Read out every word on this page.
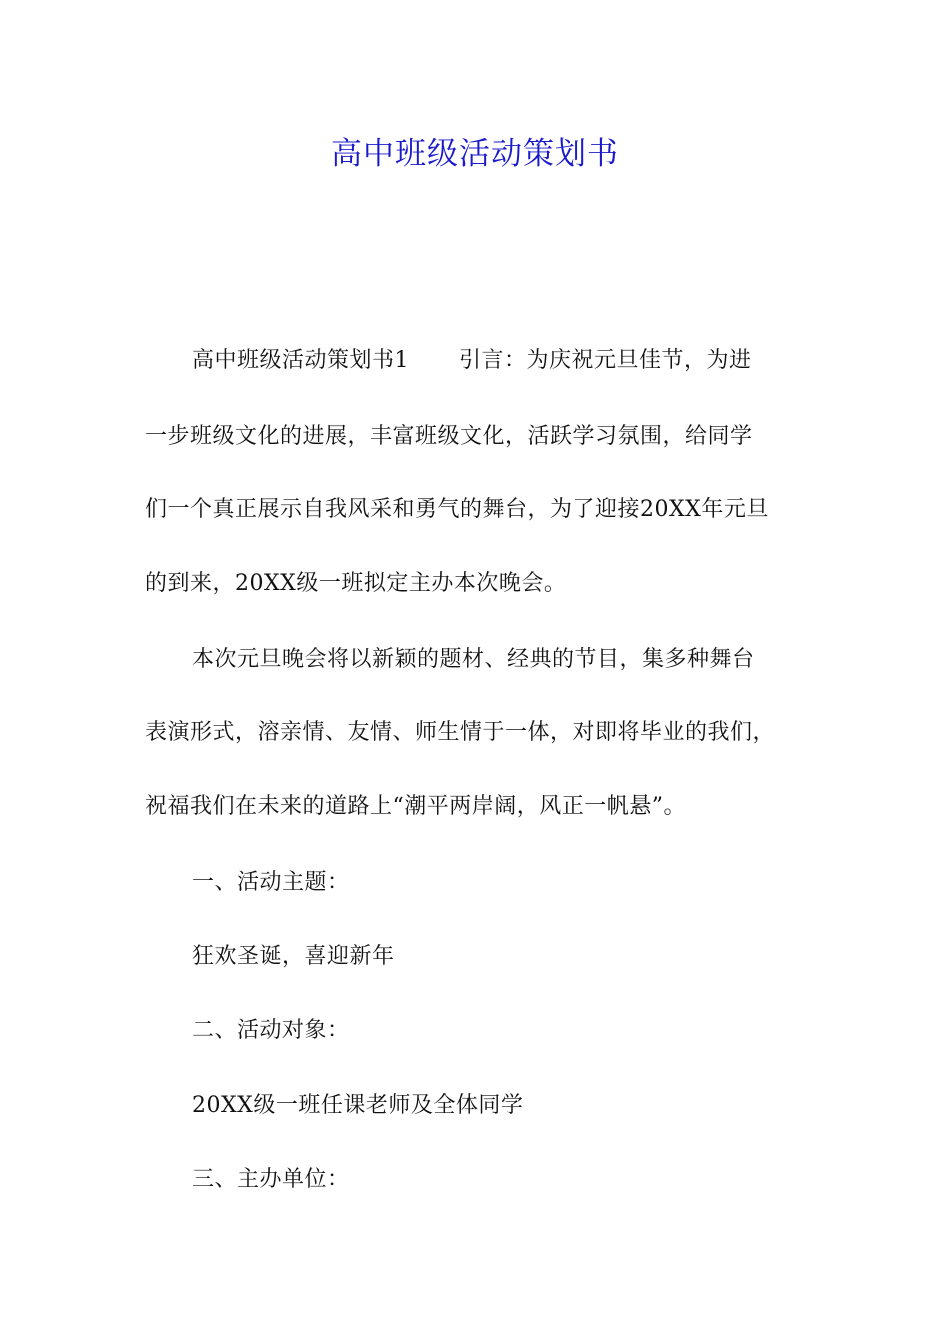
高中班级活动策划书
高中班级活动策划书1 引言：为庆祝元旦佳节，为进
一步班级文化的进展，丰富班级文化，活跃学习氛围，给同学
们一个真正展示自我风采和勇气的舞台，为了迎接20XX年元旦
的到来，20XX级一班拟定主办本次晚会。
本次元旦晚会将以新颖的题材、经典的节目，集多种舞台
表演形式，溶亲情、友情、师生情于一体，对即将毕业的我们，
祝福我们在未来的道路上“潮平两岸阔，风正一帆悬”。
一、活动主题：
狂欢圣诞，喜迎新年
二、活动对象：
20XX级一班任课老师及全体同学
三、主办单位：
